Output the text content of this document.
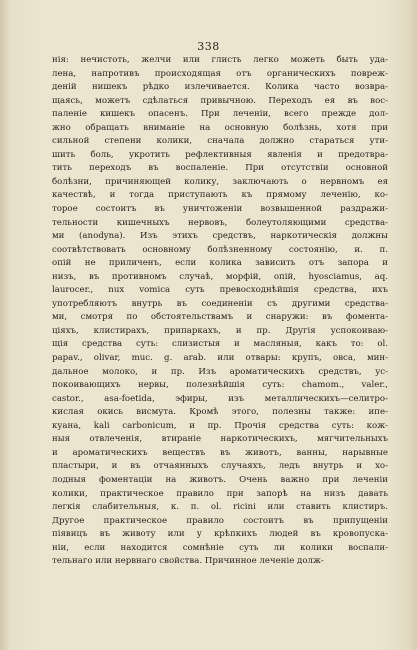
338
нія: нечистоть, желчи или глисть легко можеть быть уда-
лена, напротивъ происходящая отъ органическихъ повреж-
деній нишекъ рѣдко излечивается. Колика часто возвра-
щаясь, можетъ сдѣлаться привычною. Переходъ ея въ вос-
паленіе кишекъ опасенъ. При леченіи, всего прежде дол-
жно обращать вниманіе на основную болѣзнь, хотя при
сильной степени колики, сначала должно стараться ути-
шить боль, укротить рефлективныя явленія и предотвра-
тить переходъ въ воспаленіе. При отсутствіи основной
болѣзни, причиняющей колику, заключають о нервномъ ея
качествѣ, и тогда приступають къ прямому леченію, ко-
торое состоитъ въ уничтоженіи возвышенной раздражи-
тельности кишечныхъ нервовъ, болеутоляющими средства-
ми (anodyna). Изъ этихъ средствъ, наркотическія должны
соотвѣтствовать основному болѣзненному состоянію, и. п.
опій не приличенъ, если колика зависить отъ запора и
низъ, въ противномъ случаѣ, морфій, опій, hyoscіamus, aq.
laurocer., nux vomica суть превосходнѣйшія средства, ихъ
употребляютъ внутрь въ соединеніи съ другими средства-
ми, смотря по обстоятельствамъ и снаружи: въ фомента-
ціяхъ, клистирахъ, припаркахъ, и пр. Другія успокоиваю-
щія средства суть: слизистыя и масляныя, какъ то: ol.
papav., olivar, muc. g. arab. или отвары: крупъ, овса, мин-
дальное молоко, и пр. Изъ ароматическихъ средствъ, ус-
покоивающихъ нервы, полезнѣйшія суть: chamom., valer.,
castor., asa-foetida, эфиры, изъ металлическихъ—селитро-
кислая окись висмута. Кромѣ этого, полезны также: ипе-
куана, kali carbonicum, и пр. Прочія средства суть: кож-
ныя отвлеченія, втираніе наркотическихъ, мягчительныхъ
и ароматическихъ веществъ въ животъ, ванны, нарывные
пластыри, и въ отчаянныхъ случаяхъ, ледъ внутрь и хо-
лодныя фоментаціи на животъ. Очень важно при леченіи
колики, практическое правило при запорѣ на низъ давать
легкія слабительныя, к. п. ol. ricini или ставить клистиръ.
Другое практическое правило состоитъ въ припущеніи
піявицъ въ животу или у крѣпкихъ людей въ кровопуска-
ніи, если находится сомнѣніе суть ли колики воспали-
тельнаго или нервнаго свойства. Причинное леченіе долж-
